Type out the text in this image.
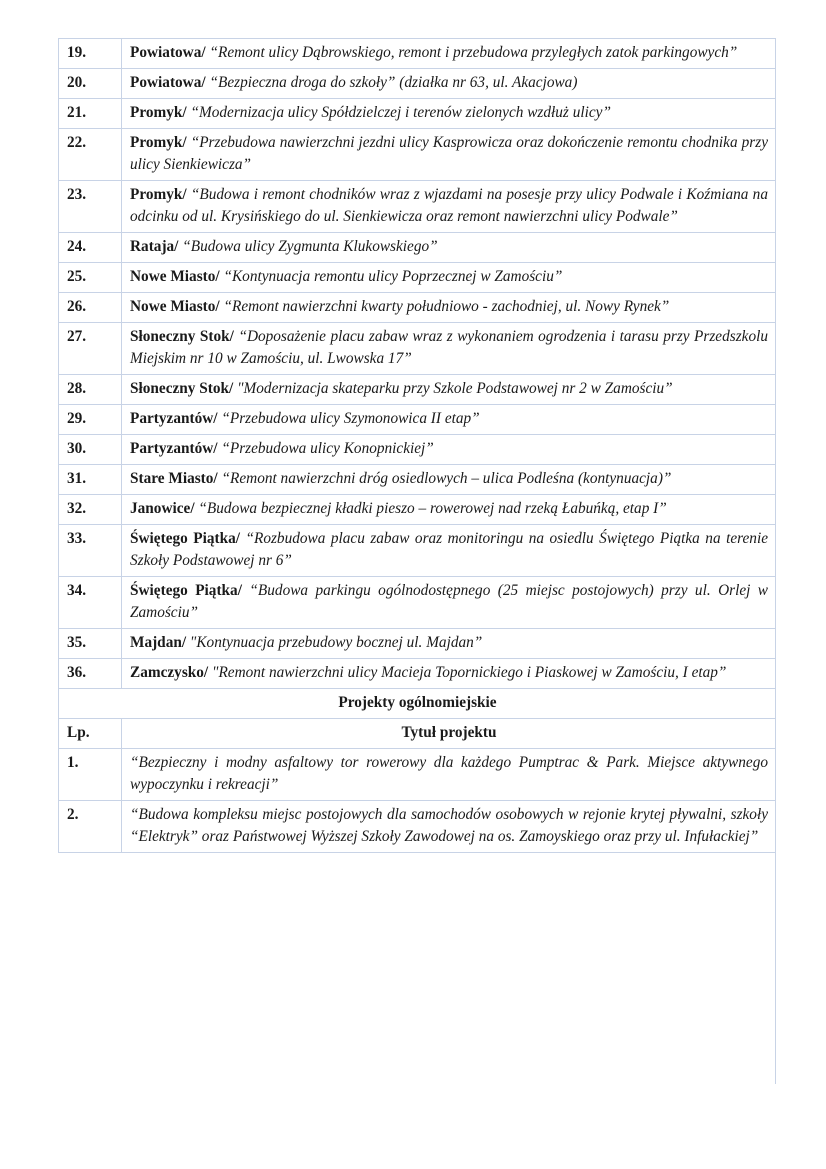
19.	Powiatowa/ “Remont ulicy Dąbrowskiego, remont i przebudowa przyległych zatok parkingowych”
20.	Powiatowa/ “Bezpieczna droga do szkoły” (działka nr 63, ul. Akacjowa)
21.	Promyk/ “Modernizacja ulicy Spółdzielczej i terenów zielonych wzdłuż ulicy”
22.	Promyk/ “Przebudowa nawierzchni jezdni ulicy Kasprowicza oraz dokończenie remontu chodnika przy ulicy Sienkiewicza”
23.	Promyk/ “Budowa i remont chodników wraz z wjazdami na posesje przy ulicy Podwale i Koźmiana na odcinku od ul. Krysińskiego do ul. Sienkiewicza oraz remont nawierzchni ulicy Podwale”
24.	Rataja/ “Budowa ulicy Zygmunta Klukowskiego”
25.	Nowe Miasto/ “Kontynuacja remontu ulicy Poprzecznej w Zamościu”
26.	Nowe Miasto/ “Remont nawierzchni kwarty południowo - zachodniej, ul. Nowy Rynek”
27.	Słoneczny Stok/ “Doposażenie placu zabaw wraz z wykonaniem ogrodzenia i tarasu przy Przedszkolu Miejskim nr 10 w Zamościu, ul. Lwowska 17”
28.	Słoneczny Stok/ "Modernizacja skateparku przy Szkole Podstawowej nr 2 w Zamościu”
29.	Partyzantów/ “Przebudowa ulicy Szymonowica II etap”
30.	Partyzantów/ “Przebudowa ulicy Konopnickiej”
31.	Stare Miasto/ “Remont nawierzchni dróg osiedlowych – ulica Podleśna (kontynuacja)”
32.	Janowice/ “Budowa bezpiecznej kładki pieszo – rowerowej nad rzeką Łabuńką, etap I”
33.	Świętego Piątka/ “Rozbudowa placu zabaw oraz monitoringu na osiedlu Świętego Piątka na terenie Szkoły Podstawowej nr 6”
34.	Świętego Piątka/ “Budowa parkingu ogólnodostępnego (25 miejsc postojowych) przy ul. Orlej w Zamościu”
35.	Majdan/ "Kontynuacja przebudowy bocznej ul. Majdan”
36.	Zamczysko/ "Remont nawierzchni ulicy Macieja Topornickiego i Piaskowej w Zamościu, I etap”
Projekty ogólnomiejskie	
Lp.	Tytuł projektu
1.	“Bezpieczny i modny asfaltowy tor rowerowy dla każdego Pumptrac & Park. Miejsce aktywnego wypoczynku i rekreacji”
2.	“Budowa kompleksu miejsc postojowych dla samochodów osobowych w rejonie krytej pływalni, szkoły “Elektryk” oraz Państwowej Wyższej Szkoły Zawodowej na os. Zamoyskiego oraz przy ul. Infułackiej”
